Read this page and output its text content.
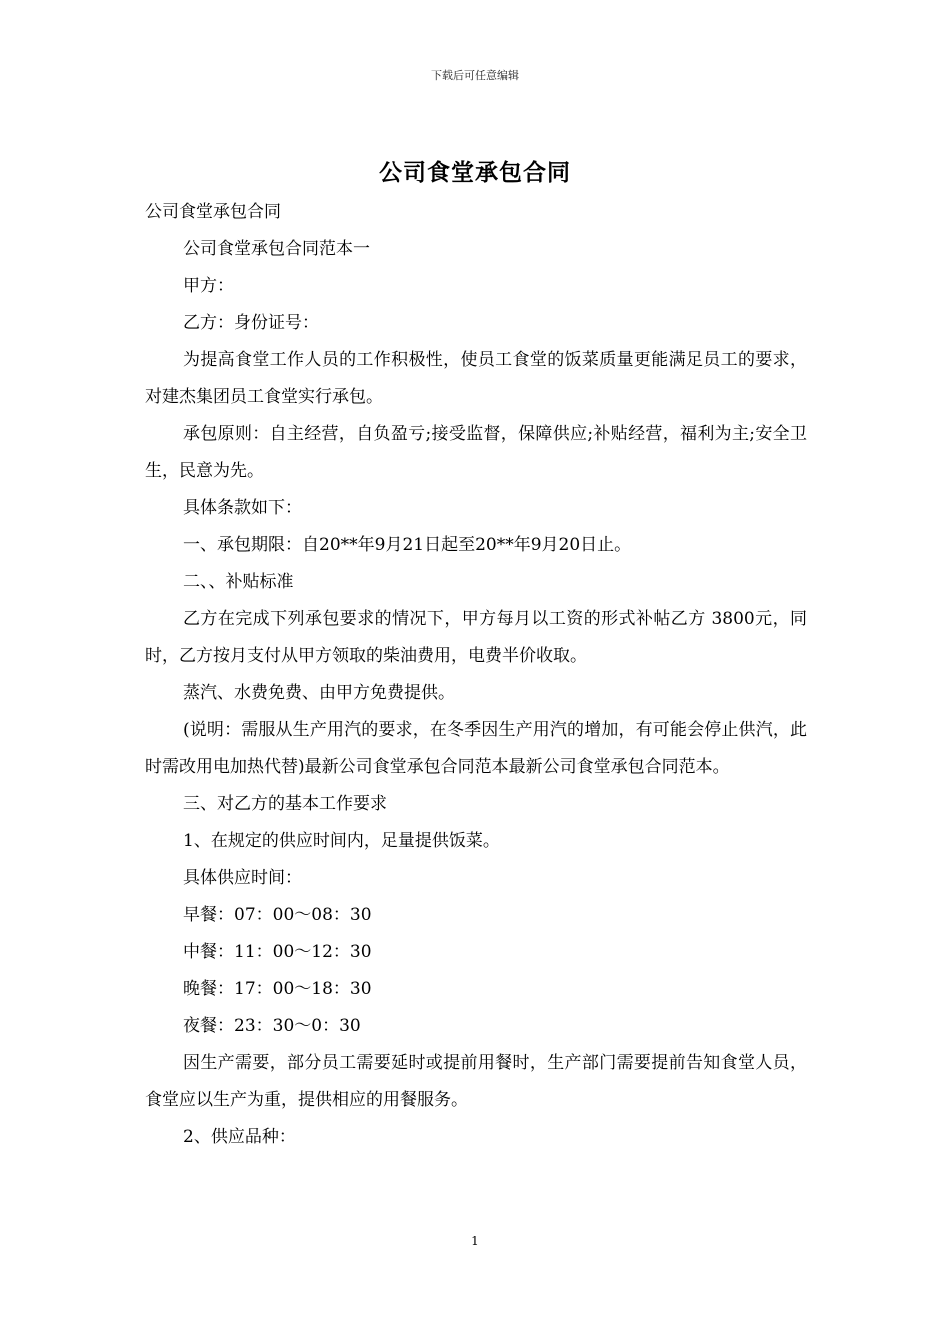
下载后可任意编辑
公司食堂承包合同

公司食堂承包合同

公司食堂承包合同范本一

甲方：

乙方：身份证号：

为提高食堂工作人员的工作积极性，使员工食堂的饭菜质量更能满足员工的要求，对建杰集团员工食堂实行承包。

承包原则：自主经营，自负盈亏;接受监督，保障供应;补贴经营，福利为主;安全卫生，民意为先。

具体条款如下：

一、承包期限：自20**年9月21日起至20**年9月20日止。

二、、补贴标准

乙方在完成下列承包要求的情况下，甲方每月以工资的形式补帖乙方 3800元，同时，乙方按月支付从甲方领取的柴油费用，电费半价收取。

蒸汽、水费免费、由甲方免费提供。

(说明：需服从生产用汽的要求，在冬季因生产用汽的增加，有可能会停止供汽，此时需改用电加热代替)最新公司食堂承包合同范本最新公司食堂承包合同范本。

三、对乙方的基本工作要求

1、在规定的供应时间内，足量提供饭菜。

具体供应时间：

早餐：07：00～08：30

中餐：11：00～12：30

晚餐：17：00～18：30

夜餐：23：30～0：30

因生产需要，部分员工需要延时或提前用餐时，生产部门需要提前告知食堂人员，食堂应以生产为重，提供相应的用餐服务。

2、供应品种：

1
